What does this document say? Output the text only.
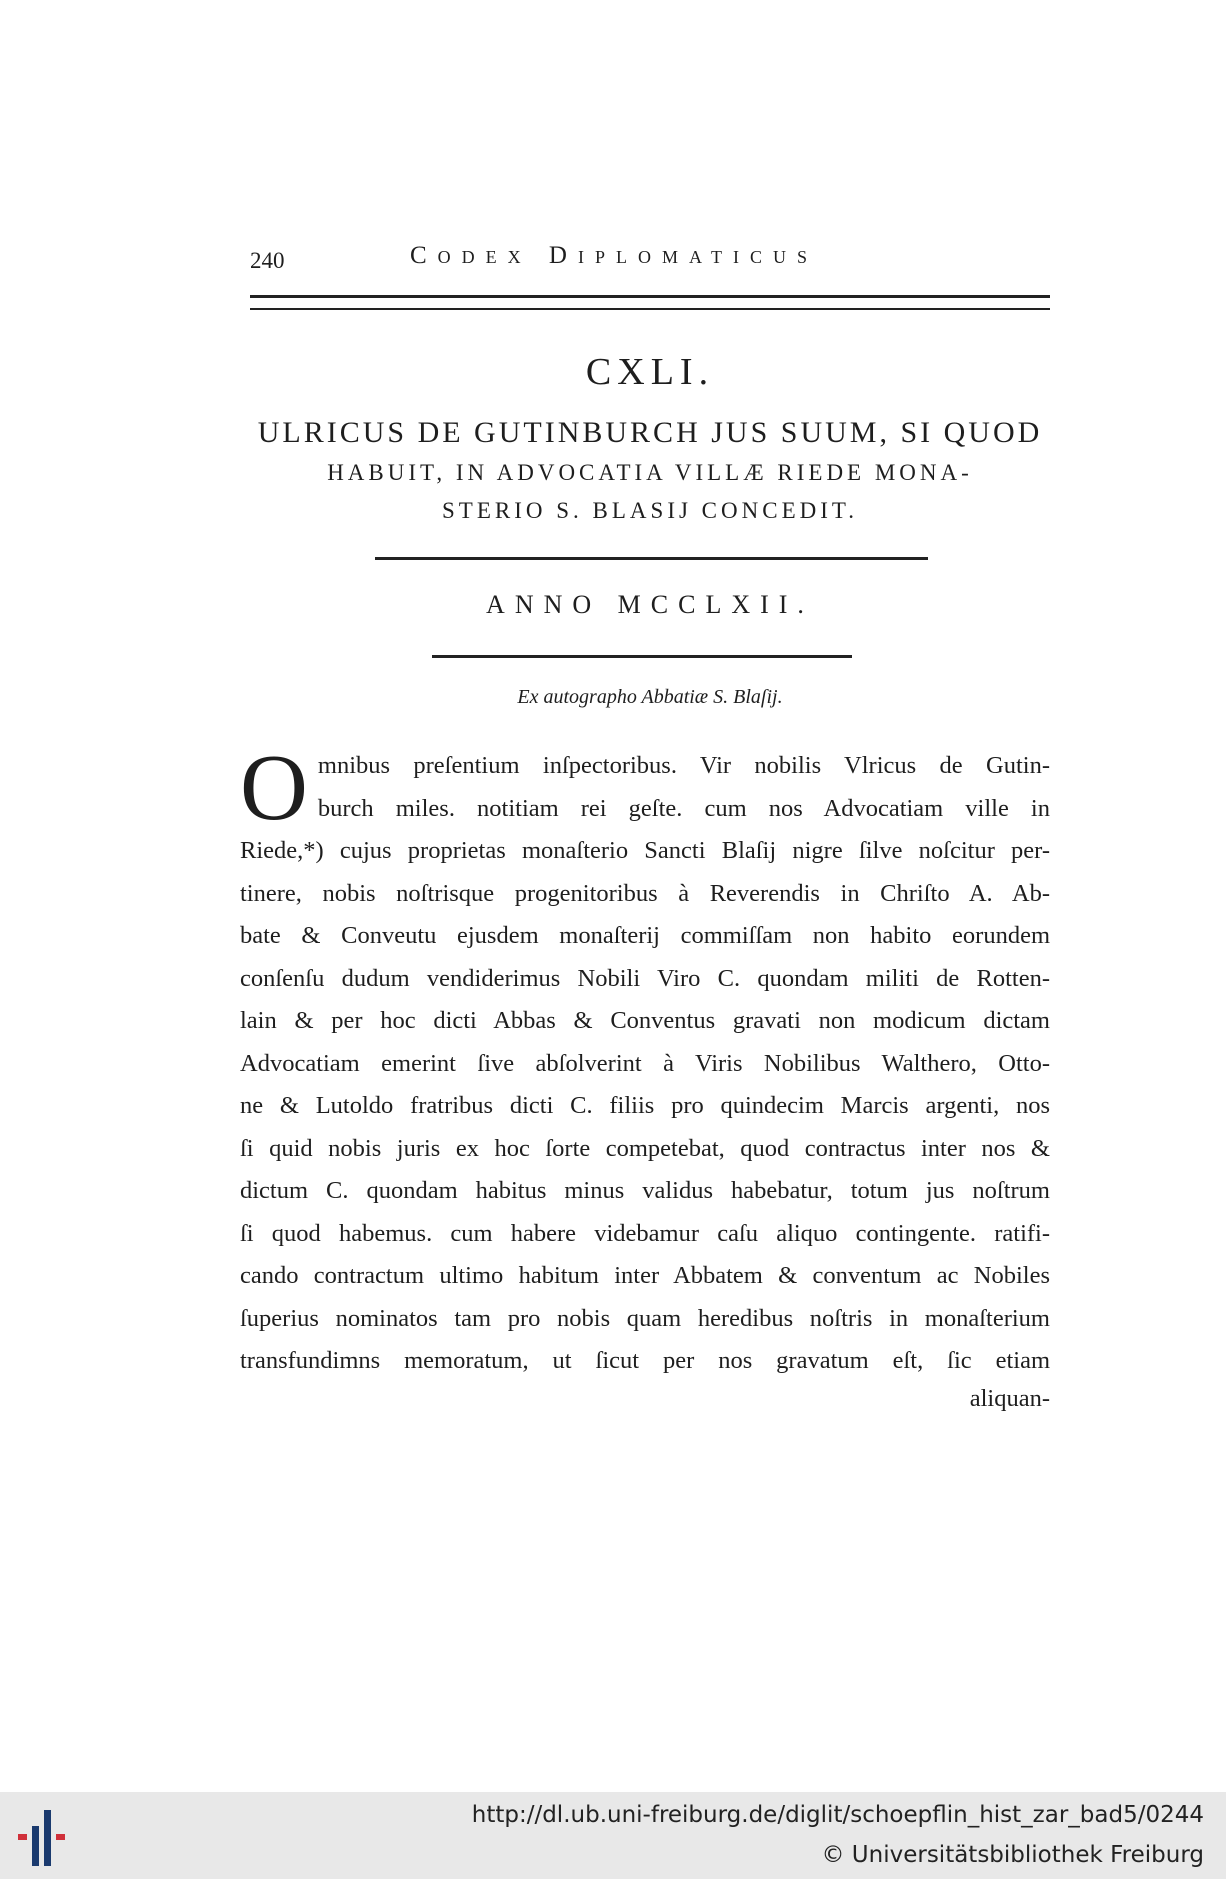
240	Codex Diplomaticus
CXLI.
ULRICUS DE GUTINBURCH JUS SUUM, SI QUOD
HABUIT, IN ADVOCATIA VILLÆ RIEDE MONA-
STERIO S. BLASIJ CONCEDIT.
ANNO MCCLXII.
Ex autographo Abbatiæ S. Blaſij.
O mnibus preſentium inſpectoribus. Vir nobilis Vlricus de Gutin-
burch miles. notitiam rei geſte. cum nos Advocatiam ville in
Riede,*) cujus proprietas monaſterio Sancti Blaſij nigre ſilve noſcitur per-
tinere, nobis noſtrisque progenitoribus à Reverendis in Chriſto A. Ab-
bate & Conveutu ejusdem monaſterij commiſſam non habito eorundem
conſenſu dudum vendiderimus Nobili Viro C. quondam militi de Rotten-
lain & per hoc dicti Abbas & Conventus gravati non modicum dictam
Advocatiam emerint ſive abſolverint à Viris Nobilibus Walthero, Otto-
ne & Lutoldo fratribus dicti C. filiis pro quindecim Marcis argenti, nos
ſi quid nobis juris ex hoc ſorte competebat, quod contractus inter nos &
dictum C. quondam habitus minus validus habebatur, totum jus noſtrum
ſi quod habemus. cum habere videbamur caſu aliquo contingente. ratifi-
cando contractum ultimo habitum inter Abbatem & conventum ac Nobiles
ſuperius nominatos tam pro nobis quam heredibus noſtris in monaſterium
transfundimns memoratum, ut ſicut per nos gravatum eſt, ſic etiam
aliquan-
http://dl.ub.uni-freiburg.de/diglit/schoepflin_hist_zar_bad5/0244
© Universitätsbibliothek Freiburg
